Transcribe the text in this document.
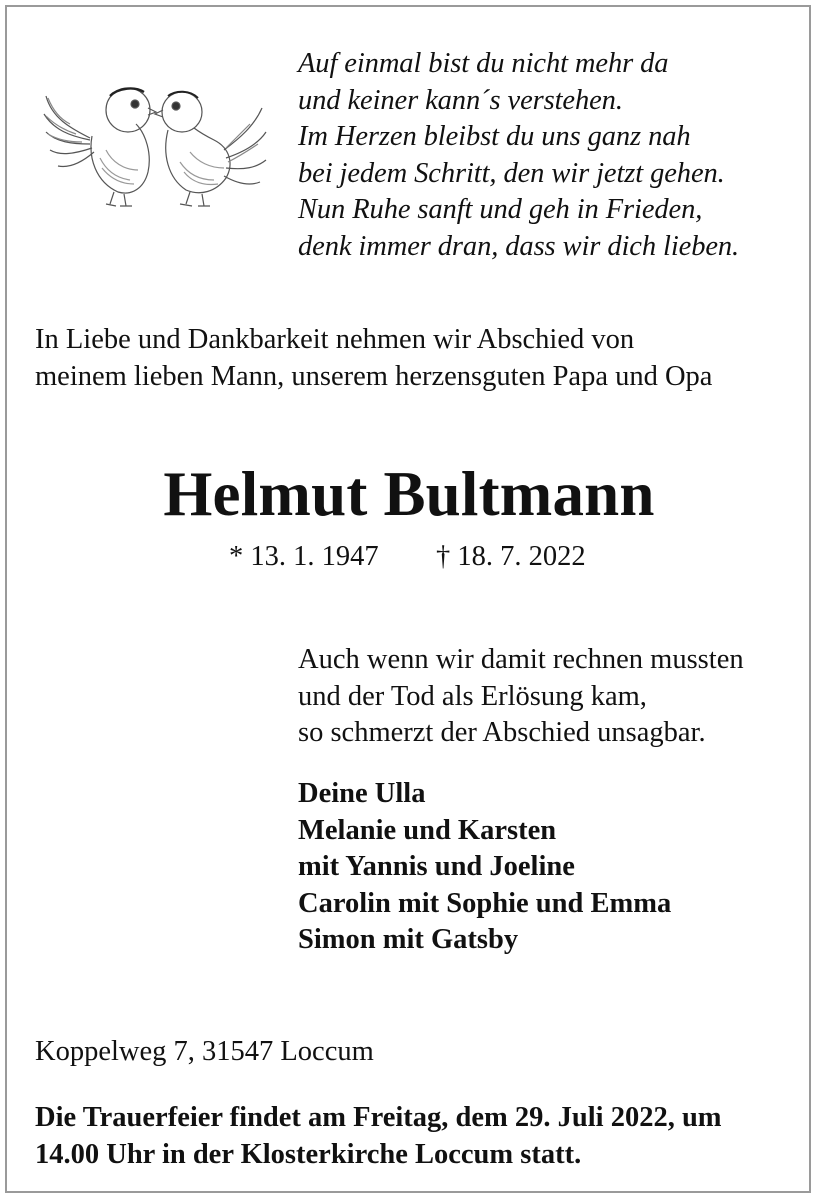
Auf einmal bist du nicht mehr da
und keiner kann´s verstehen.
Im Herzen bleibst du uns ganz nah
bei jedem Schritt, den wir jetzt gehen.
Nun Ruhe sanft und geh in Frieden,
denk immer dran, dass wir dich lieben.
In Liebe und Dankbarkeit nehmen wir Abschied von
meinem lieben Mann, unserem herzensguten Papa und Opa
Helmut Bultmann
* 13. 1. 1947 † 18. 7. 2022
Auch wenn wir damit rechnen mussten
und der Tod als Erlösung kam,
so schmerzt der Abschied unsagbar.
Deine Ulla
Melanie und Karsten
mit Yannis und Joeline
Carolin mit Sophie und Emma
Simon mit Gatsby
Koppelweg 7, 31547 Loccum
Die Trauerfeier findet am Freitag, dem 29. Juli 2022, um
14.00 Uhr in der Klosterkirche Loccum statt.
